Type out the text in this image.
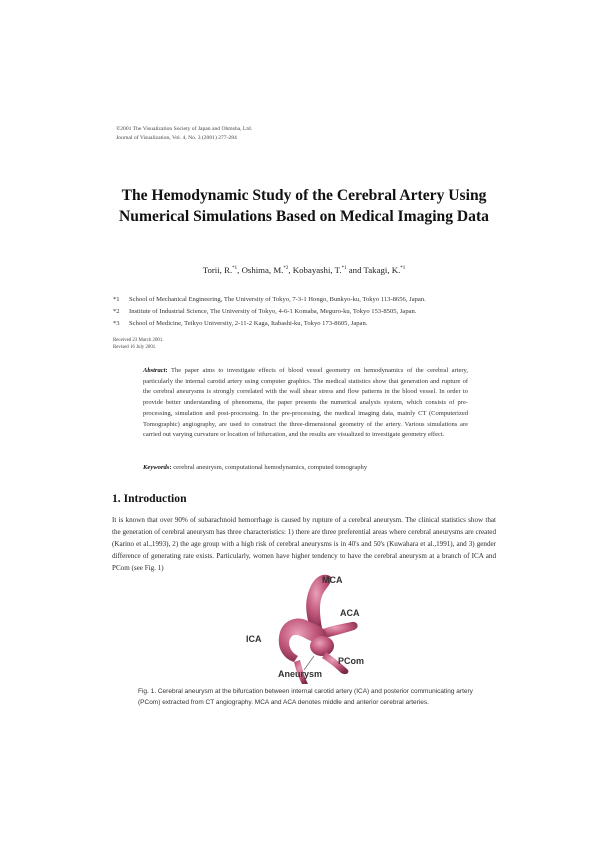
©2001 The Visualization Society of Japan and Ohmsha, Ltd.
Journal of Visualization, Vol. 4, No. 3 (2001) 277-284
The Hemodynamic Study of the Cerebral Artery Using
Numerical Simulations Based on Medical Imaging Data
Torii, R.$^{*1}$, Oshima, M.$^{*2}$, Kobayashi, T.$^{*1}$ and Takagi, K.$^{*1}$
*1 School of Mechanical Engineering, The University of Tokyo, 7-3-1 Hongo, Bunkyo-ku, Tokyo 113-8656, Japan.
*2 Institute of Industrial Science, The University of Tokyo, 4-6-1 Komaba, Meguro-ku, Tokyo 153-8505, Japan.
*3 School of Medicine, Teikyo University, 2-11-2 Kaga, Itabashi-ku, Tokyo 173-8605, Japan.
Received 23 March 2001.
Revised 16 July 2001.
Abstract: The paper aims to investigate effects of blood vessel geometry on hemodynamics of the cerebral artery, particularly the internal carotid artery using computer graphics. The medical statistics show that generation and rupture of the cerebral aneurysms is strongly correlated with the wall shear stress and flow patterns in the blood vessel. In order to provide better understanding of phenomena, the paper presents the numerical analysis system, which consists of pre-processing, simulation and post-processing. In the pre-processing, the medical imaging data, mainly CT (Computerized Tomographic) angiography, are used to construct the three-dimensional geometry of the artery. Various simulations are carried out varying curvature or location of bifurcation, and the results are visualized to investigate geometry effect.
Keywords: cerebral aneurysm, computational hemodynamics, computed tomography
1. Introduction
It is known that over 90% of subarachnoid hemorrhage is caused by rupture of a cerebral aneurysm. The clinical statistics show that the generation of cerebral aneurysm has three characteristics: 1) there are three preferential areas where cerebral aneurysms are created (Karino et al.,1993), 2) the age group with a high risk of cerebral aneurysms is in 40's and 50's (Kuwahara et al.,1991), and 3) gender difference of generating rate exists. Particularly, women have higher tendency to have the cerebral aneurysm at a branch of ICA and PCom (see Fig. 1)
MCA
ACA
ICA
Aneurysm
PCom
Fig. 1. Cerebral aneurysm at the bifurcation between internal carotid artery (ICA) and posterior communicating artery (PCom) extracted from CT angiography. MCA and ACA denotes middle and anterior cerebral arteries.
